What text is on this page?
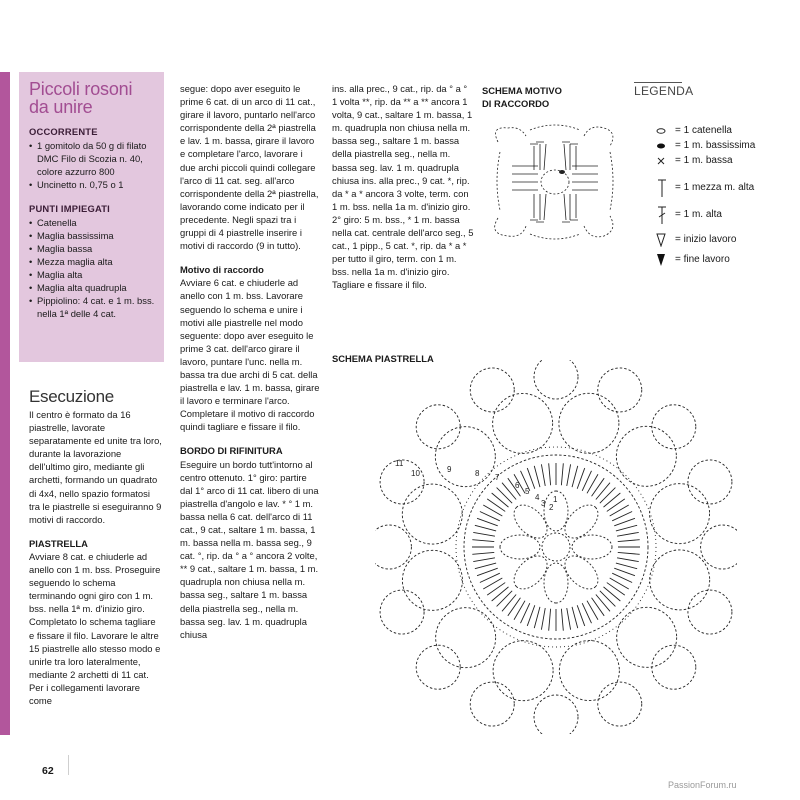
Piccoli rosoni
da unire
OCCORRENTE
• 1 gomitolo da 50 g di filato DMC Filo di Scozia n. 40, colore azzurro 800
• Uncinetto n. 0,75 o 1
PUNTI IMPIEGATI
• Catenella
• Maglia bassissima
• Maglia bassa
• Mezza maglia alta
• Maglia alta
• Maglia alta quadrupla
• Pippiolino: 4 cat. e 1 m. bss. nella 1ª delle 4 cat.
Esecuzione

Il centro è formato da 16 piastrelle, lavorate separatamente ed unite tra loro, durante la lavorazione dell'ultimo giro, mediante gli archetti, formando un quadrato di 4x4, nello spazio formatosi tra le piastrelle si eseguiranno 9 motivi di raccordo.

PIASTRELLA

Avviare 8 cat. e chiuderle ad anello con 1 m. bss. Proseguire seguendo lo schema terminando ogni giro con 1 m. bss. nella 1ª m. d'inizio giro. Completato lo schema tagliare e fissare il filo. Lavorare le altre 15 piastrelle allo stesso modo e unirle tra loro lateralmente, mediante 2 archetti di 11 cat. Per i collegamenti lavorare come

segue: dopo aver eseguito le prime 6 cat. di un arco di 11 cat., girare il lavoro, puntarlo nell'arco corrispondente della 2ª piastrella e lav. 1 m. bassa, girare il lavoro e completare l'arco, lavorare i due archi piccoli quindi collegare l'arco di 11 cat. seg. all'arco corrispondente della 2ª piastrella, lavorando come indicato per il precedente. Negli spazi tra i gruppi di 4 piastrelle inserire i motivi di raccordo (9 in tutto).

Motivo di raccordo

Avviare 6 cat. e chiuderle ad anello con 1 m. bss. Lavorare seguendo lo schema e unire i motivi alle piastrelle nel modo seguente: dopo aver eseguito le prime 3 cat. dell'arco girare il lavoro, puntare l'unc. nella m. bassa tra due archi di 5 cat. della piastrella e lav. 1 m. bassa, girare il lavoro e terminare l'arco. Completare il motivo di raccordo quindi tagliare e fissare il filo.

BORDO DI RIFINITURA

Eseguire un bordo tutt'intorno al centro ottenuto. 1° giro: partire dal 1° arco di 11 cat. libero di una piastrella d'angolo e lav. * ° 1 m. bassa nella 6 cat. dell'arco di 11 cat., 9 cat., saltare 1 m. bassa, 1 m. bassa nella m. bassa seg., 9 cat. °, rip. da ° a ° ancora 2 volte, ** 9 cat., saltare 1 m. bassa, 1 m. quadrupla non chiusa nella m. bassa seg., saltare 1 m. bassa della piastrella seg., nella m. bassa seg. lav. 1 m. quadrupla chiusa

ins. alla prec., 9 cat., rip. da ° a ° 1 volta **, rip. da ** a ** ancora 1 volta, 9 cat., saltare 1 m. bassa, 1 m. quadrupla non chiusa nella m. bassa seg., saltare 1 m. bassa della piastrella seg., nella m. bassa seg. lav. 1 m. quadrupla chiusa ins. alla prec., 9 cat. *, rip. da * a * ancora 3 volte, term. con 1 m. bss. nella 1a m. d'inizio giro. 2° giro: 5 m. bss., * 1 m. bassa nella cat. centrale dell'arco seg., 5 cat., 1 pipp., 5 cat. *, rip. da * a * per tutto il giro, term. con 1 m. bss. nella 1a m. d'inizio giro. Tagliare e fissare il filo.

SCHEMA MOTIVO
DI RACCORDO
SCHEMA PIASTRELLA
LEGENDA
= 1 catenella
= 1 m. bassissima
= 1 m. bassa
= 1 mezza m. alta
= 1 m. alta
= inizio lavoro
= fine lavoro
1
2
3
4
5
6
7
8
9
10
11
62
PassionForum.ru
